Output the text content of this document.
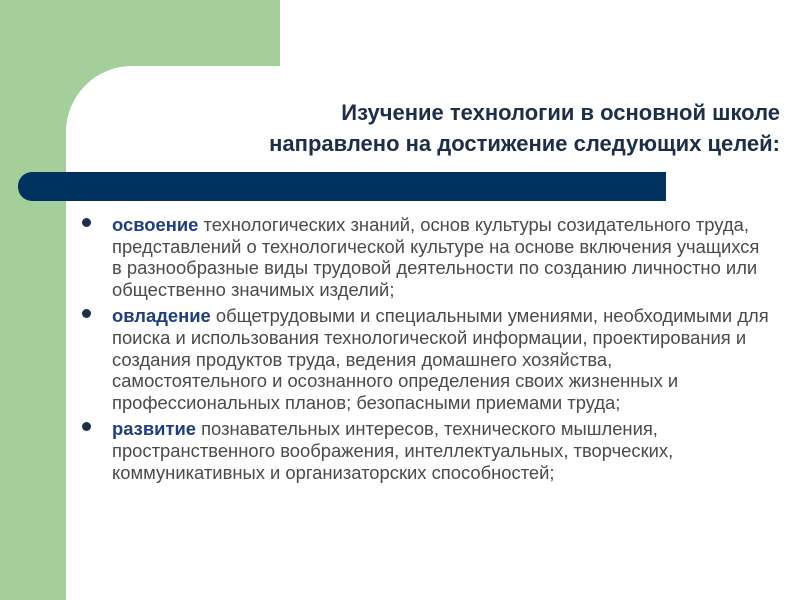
Изучение технологии в основной школе
направлено на достижение следующих целей:
освоение технологических знаний, основ культуры созидательного труда, представлений о технологической культуре на основе включения учащихся в разнообразные виды трудовой деятельности по созданию личностно или общественно значимых изделий;
овладение общетрудовыми и специальными умениями, необходимыми для поиска и использования технологической информации, проектирования и создания продуктов труда, ведения домашнего хозяйства, самостоятельного и осознанного определения своих жизненных и профессиональных планов; безопасными приемами труда;
развитие познавательных интересов, технического мышления, пространственного воображения, интеллектуальных, творческих, коммуникативных и организаторских способностей;
